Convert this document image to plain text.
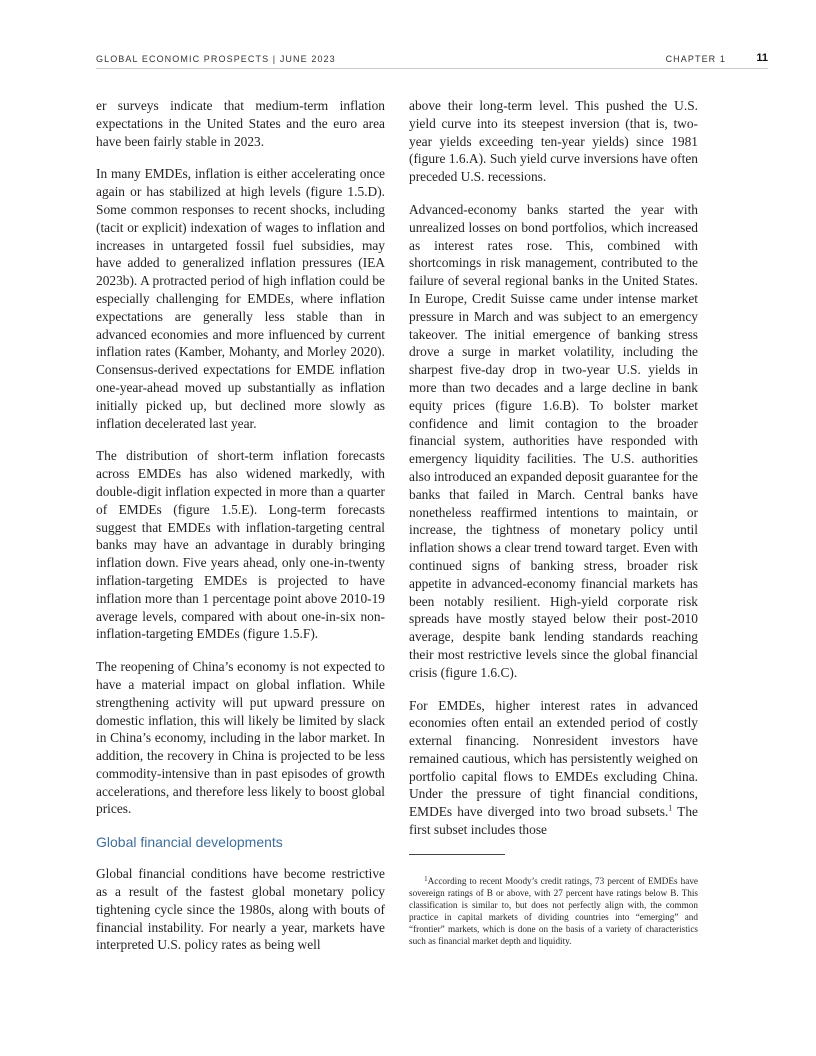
GLOBAL ECONOMIC PROSPECTS | JUNE 2023	CHAPTER 1	11

er surveys indicate that medium-term inflation expectations in the United States and the euro area have been fairly stable in 2023.

In many EMDEs, inflation is either accelerating once again or has stabilized at high levels (figure 1.5.D). Some common responses to recent shocks, including (tacit or explicit) indexation of wages to inflation and increases in untargeted fossil fuel subsidies, may have added to generalized inflation pressures (IEA 2023b). A protracted period of high inflation could be especially challenging for EMDEs, where inflation expectations are generally less stable than in advanced economies and more influenced by current inflation rates (Kamber, Mohanty, and Morley 2020). Consensus-derived expectations for EMDE inflation one-year-ahead moved up substantially as inflation initially picked up, but declined more slowly as inflation decelerated last year.

The distribution of short-term inflation forecasts across EMDEs has also widened markedly, with double-digit inflation expected in more than a quarter of EMDEs (figure 1.5.E). Long-term forecasts suggest that EMDEs with inflation-targeting central banks may have an advantage in durably bringing inflation down. Five years ahead, only one-in-twenty inflation-targeting EMDEs is projected to have inflation more than 1 percentage point above 2010-19 average levels, compared with about one-in-six non-inflation-targeting EMDEs (figure 1.5.F).

The reopening of China’s economy is not expected to have a material impact on global inflation. While strengthening activity will put upward pressure on domestic inflation, this will likely be limited by slack in China’s economy, including in the labor market. In addition, the recovery in China is projected to be less commodity-intensive than in past episodes of growth accelerations, and therefore less likely to boost global prices.

Global financial developments

Global financial conditions have become restrictive as a result of the fastest global monetary policy tightening cycle since the 1980s, along with bouts of financial instability. For nearly a year, markets have interpreted U.S. policy rates as being well

above their long-term level. This pushed the U.S. yield curve into its steepest inversion (that is, two-year yields exceeding ten-year yields) since 1981 (figure 1.6.A). Such yield curve inversions have often preceded U.S. recessions.

Advanced-economy banks started the year with unrealized losses on bond portfolios, which increased as interest rates rose. This, combined with shortcomings in risk management, contributed to the failure of several regional banks in the United States. In Europe, Credit Suisse came under intense market pressure in March and was subject to an emergency takeover. The initial emergence of banking stress drove a surge in market volatility, including the sharpest five-day drop in two-year U.S. yields in more than two decades and a large decline in bank equity prices (figure 1.6.B). To bolster market confidence and limit contagion to the broader financial system, authorities have responded with emergency liquidity facilities. The U.S. authorities also introduced an expanded deposit guarantee for the banks that failed in March. Central banks have nonetheless reaffirmed intentions to maintain, or increase, the tightness of monetary policy until inflation shows a clear trend toward target. Even with continued signs of banking stress, broader risk appetite in advanced-economy financial markets has been notably resilient. High-yield corporate risk spreads have mostly stayed below their post-2010 average, despite bank lending standards reaching their most restrictive levels since the global financial crisis (figure 1.6.C).

For EMDEs, higher interest rates in advanced economies often entail an extended period of costly external financing. Nonresident investors have remained cautious, which has persistently weighed on portfolio capital flows to EMDEs excluding China. Under the pressure of tight financial conditions, EMDEs have diverged into two broad subsets.$^1$ The first subset includes those

$^1$According to recent Moody’s credit ratings, 73 percent of EMDEs have sovereign ratings of B or above, with 27 percent have ratings below B. This classification is similar to, but does not perfectly align with, the common practice in capital markets of dividing countries into “emerging” and “frontier” markets, which is done on the basis of a variety of characteristics such as financial market depth and liquidity.
